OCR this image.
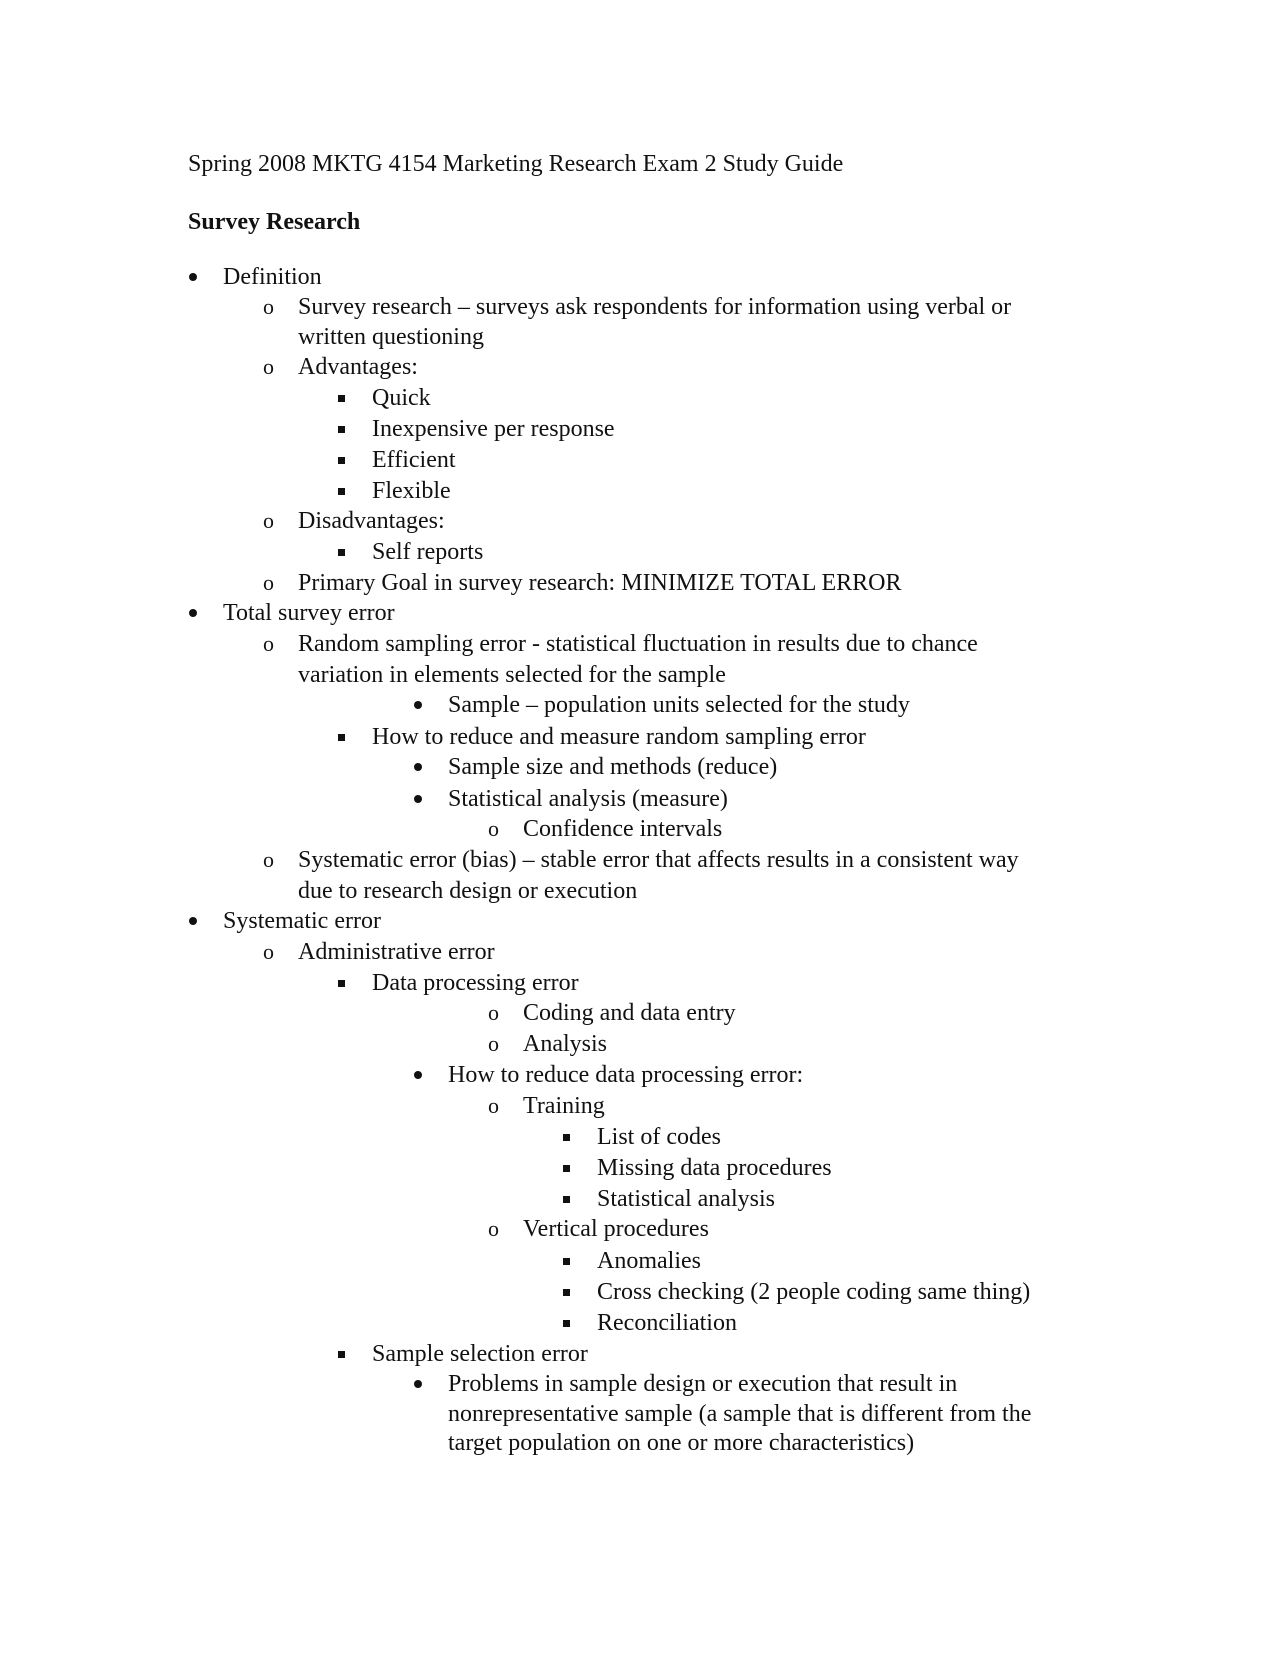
Spring 2008 MKTG 4154 Marketing Research Exam 2 Study Guide
Survey Research
Definition
o
Survey research – surveys ask respondents for information using verbal or
written questioning
o
Advantages:
Quick
Inexpensive per response
Efficient
Flexible
o
Disadvantages:
Self reports
o
Primary Goal in survey research: MINIMIZE TOTAL ERROR
Total survey error
o
Random sampling error - statistical fluctuation in results due to chance
variation in elements selected for the sample
Sample – population units selected for the study
How to reduce and measure random sampling error
Sample size and methods (reduce)
Statistical analysis (measure)
o
Confidence intervals
o
Systematic error (bias) – stable error that affects results in a consistent way
due to research design or execution
Systematic error
o
Administrative error
Data processing error
o
Coding and data entry
o
Analysis
How to reduce data processing error:
o
Training
List of codes
Missing data procedures
Statistical analysis
o
Vertical procedures
Anomalies
Cross checking (2 people coding same thing)
Reconciliation
Sample selection error
Problems in sample design or execution that result in
nonrepresentative sample (a sample that is different from the
target population on one or more characteristics)
